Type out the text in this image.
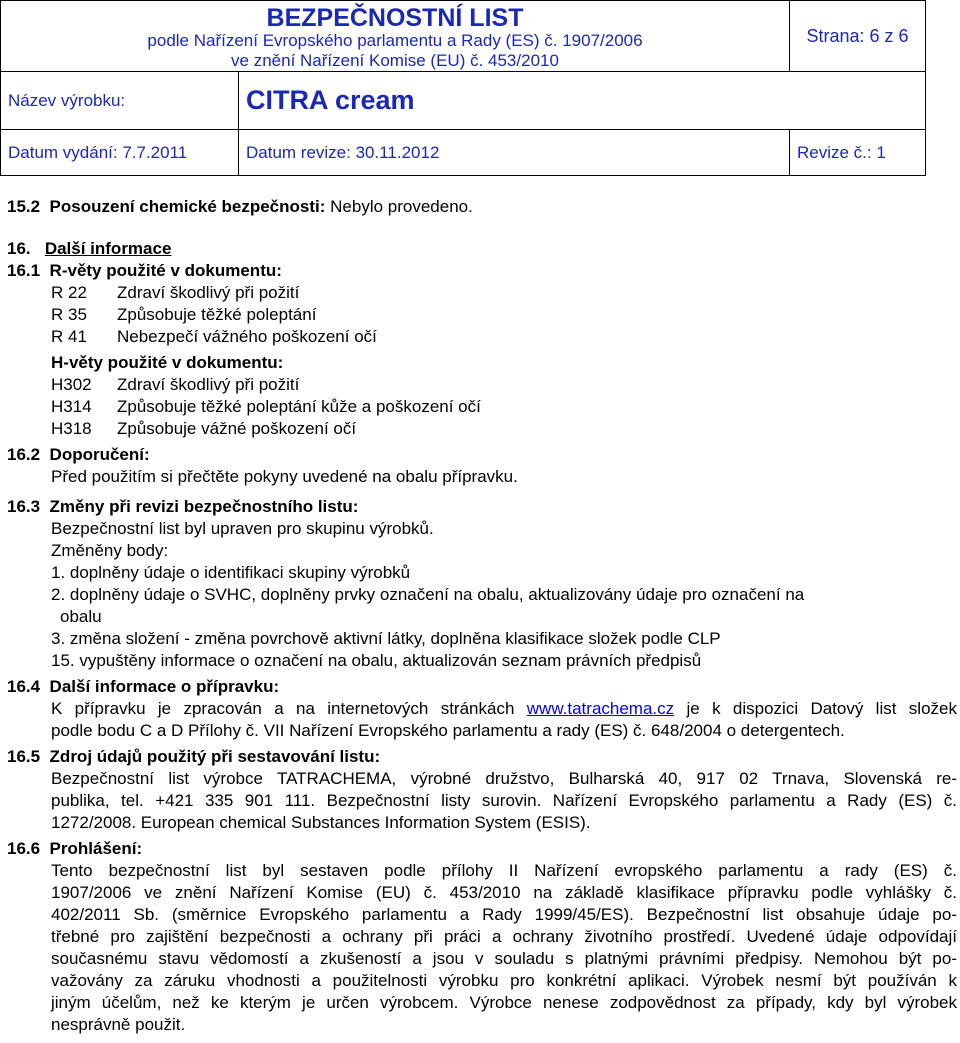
BEZPEČNOSTNÍ LIST
podle Nařízení Evropského parlamentu a Rady (ES) č. 1907/2006
ve znění Nařízení Komise (EU) č. 453/2010		Strana: 6 z 6
Název výrobku:	CITRA cream	
Datum vydání: 7.7.2011	Datum revize: 30.11.2012	Revize č.: 1
15.2 Posouzení chemické bezpečnosti: Nebylo provedeno.
16. Další informace
16.1 R-věty použité v dokumentu:
R 22 Zdraví škodlivý při požití
R 35 Způsobuje těžké poleptání
R 41 Nebezpečí vážného poškození očí
H-věty použité v dokumentu:
H302 Zdraví škodlivý při požití
H314 Způsobuje těžké poleptání kůže a poškození očí
H318 Způsobuje vážné poškození očí
16.2 Doporučení:
Před použitím si přečtěte pokyny uvedené na obalu přípravku.
16.3 Změny při revizi bezpečnostního listu:
Bezpečnostní list byl upraven pro skupinu výrobků.
Změněny body:
1. doplněny údaje o identifikaci skupiny výrobků
2. doplněny údaje o SVHC, doplněny prvky označení na obalu, aktualizovány údaje pro označení na
obalu
3. změna složení - změna povrchově aktivní látky, doplněna klasifikace složek podle CLP
15. vypuštěny informace o označení na obalu, aktualizován seznam právních předpisů
16.4 Další informace o přípravku:
K přípravku je zpracován a na internetových stránkách www.tatrachema.cz je k dispozici Datový list složek
podle bodu C a D Přílohy č. VII Nařízení Evropského parlamentu a rady (ES) č. 648/2004 o detergentech.
16.5 Zdroj údajů použitý při sestavování listu:
Bezpečnostní list výrobce TATRACHEMA, výrobné družstvo, Bulharská 40, 917 02 Trnava, Slovenská re-
publika, tel. +421 335 901 111. Bezpečnostní listy surovin. Nařízení Evropského parlamentu a Rady (ES) č.
1272/2008. European chemical Substances Information System (ESIS).
16.6 Prohlášení:
Tento bezpečnostní list byl sestaven podle přílohy II Nařízení evropského parlamentu a rady (ES) č.
1907/2006 ve znění Nařízení Komise (EU) č. 453/2010 na základě klasifikace přípravku podle vyhlášky č.
402/2011 Sb. (směrnice Evropského parlamentu a Rady 1999/45/ES). Bezpečnostní list obsahuje údaje po-
třebné pro zajištění bezpečnosti a ochrany při práci a ochrany životního prostředí. Uvedené údaje odpovídají
současnému stavu vědomostí a zkušeností a jsou v souladu s platnými právními předpisy. Nemohou být po-
važovány za záruku vhodnosti a použitelnosti výrobku pro konkrétní aplikaci. Výrobek nesmí být používán k
jiným účelům, než ke kterým je určen výrobcem. Výrobce nenese zodpovědnost za případy, kdy byl výrobek
nesprávně použit.
